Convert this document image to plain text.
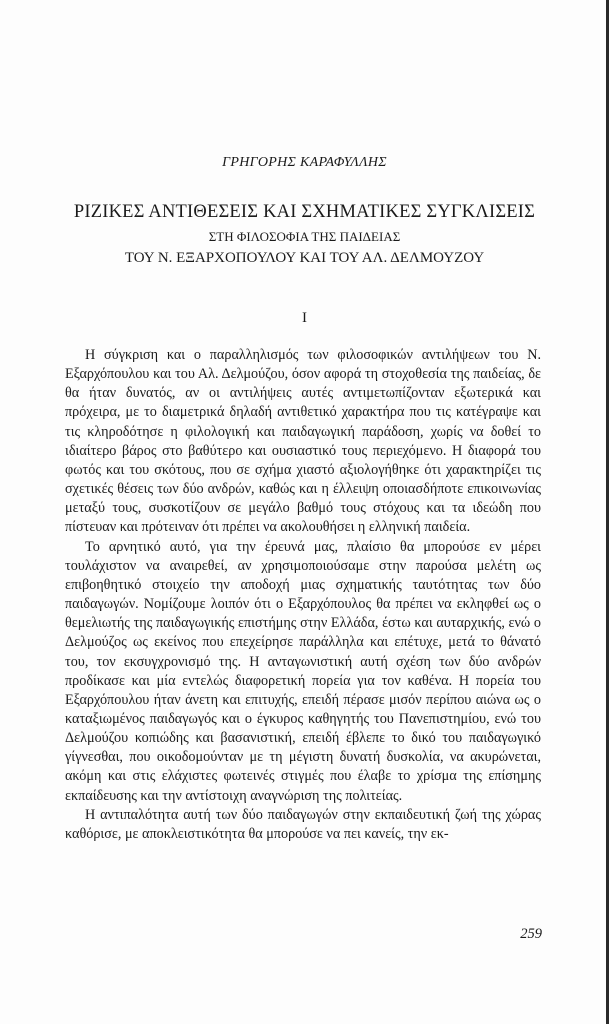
ΓΡΗΓΟΡΗΣ ΚΑΡΑΦΥΛΛΗΣ
ΡΙΖΙΚΕΣ ΑΝΤΙΘΕΣΕΙΣ ΚΑΙ ΣΧΗΜΑΤΙΚΕΣ ΣΥΓΚΛΙΣΕΙΣ
ΣΤΗ ΦΙΛΟΣΟΦΙΑ ΤΗΣ ΠΑΙΔΕΙΑΣ
ΤΟΥ Ν. ΕΞΑΡΧΟΠΟΥΛΟΥ ΚΑΙ ΤΟΥ ΑΛ. ΔΕΛΜΟΥΖΟΥ
Ι

Η σύγκριση και ο παραλληλισμός των φιλοσοφικών αντιλήψεων του Ν. Εξαρχόπουλου και του Αλ. Δελμούζου, όσον αφορά τη στοχοθεσία της παιδείας, δε θα ήταν δυνατός, αν οι αντιλήψεις αυτές αντιμετωπίζονταν εξωτερικά και πρόχειρα, με το διαμετρικά δηλαδή αντιθετικό χαρακτήρα που τις κατέγραψε και τις κληροδότησε η φιλολογική και παιδαγωγική παράδοση, χωρίς να δοθεί το ιδιαίτερο βάρος στο βαθύτερο και ουσιαστικό τους περιεχόμενο. Η διαφορά του φωτός και του σκότους, που σε σχήμα χιαστό αξιολογήθηκε ότι χαρακτηρίζει τις σχετικές θέσεις των δύο ανδρών, καθώς και η έλλειψη οποιασδήποτε επικοινωνίας μεταξύ τους, συσκοτίζουν σε μεγάλο βαθμό τους στόχους και τα ιδεώδη που πίστευαν και πρότειναν ότι πρέπει να ακολουθήσει η ελληνική παιδεία.

Το αρνητικό αυτό, για την έρευνά μας, πλαίσιο θα μπορούσε εν μέρει τουλάχιστον να αναιρεθεί, αν χρησιμοποιούσαμε στην παρούσα μελέτη ως επιβοηθητικό στοιχείο την αποδοχή μιας σχηματικής ταυτότητας των δύο παιδαγωγών. Νομίζουμε λοιπόν ότι ο Εξαρχόπουλος θα πρέπει να εκληφθεί ως ο θεμελιωτής της παιδαγωγικής επιστήμης στην Ελλάδα, έστω και αυταρχικής, ενώ ο Δελμούζος ως εκείνος που επεχείρησε παράλληλα και επέτυχε, μετά το θάνατό του, τον εκσυγχρονισμό της. Η ανταγωνιστική αυτή σχέση των δύο ανδρών προδίκασε και μία εντελώς διαφορετική πορεία για τον καθένα. Η πορεία του Εξαρχόπουλου ήταν άνετη και επιτυχής, επειδή πέρασε μισόν περίπου αιώνα ως ο καταξιωμένος παιδαγωγός και ο έγκυρος καθηγητής του Πανεπιστημίου, ενώ του Δελμούζου κοπιώδης και βασανιστική, επειδή έβλεπε το δικό του παιδαγωγικό γίγνεσθαι, που οικοδομούνταν με τη μέγιστη δυνατή δυσκολία, να ακυρώνεται, ακόμη και στις ελάχιστες φωτεινές στιγμές που έλαβε το χρίσμα της επίσημης εκπαίδευσης και την αντίστοιχη αναγνώριση της πολιτείας.

Η αντιπαλότητα αυτή των δύο παιδαγωγών στην εκπαιδευτική ζωή της χώρας καθόρισε, με αποκλειστικότητα θα μπορούσε να πει κανείς, την εκ-

259
